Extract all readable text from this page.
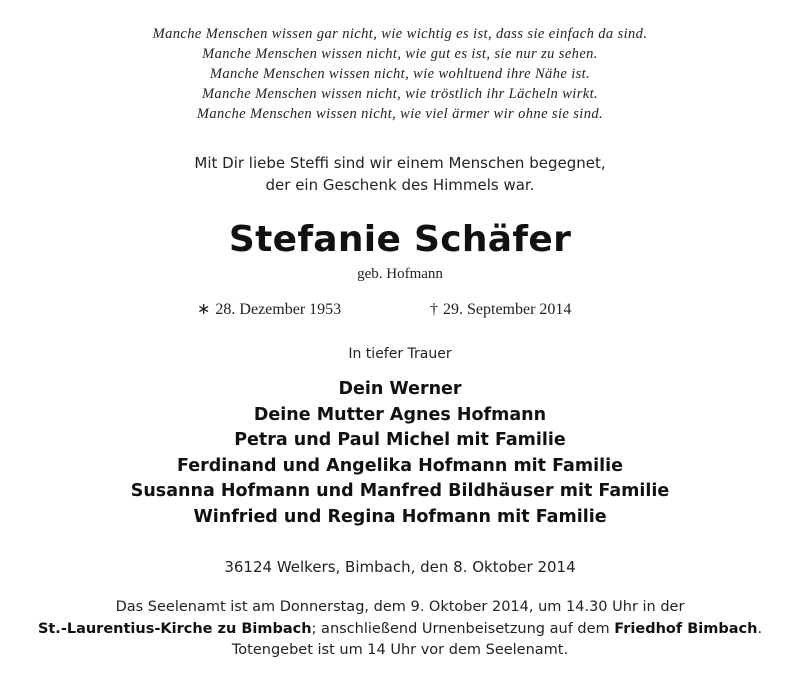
Manche Menschen wissen gar nicht, wie wichtig es ist, dass sie einfach da sind.
Manche Menschen wissen nicht, wie gut es ist, sie nur zu sehen.
Manche Menschen wissen nicht, wie wohltuend ihre Nähe ist.
Manche Menschen wissen nicht, wie tröstlich ihr Lächeln wirkt.
Manche Menschen wissen nicht, wie viel ärmer wir ohne sie sind.
Mit Dir liebe Steffi sind wir einem Menschen begegnet,
der ein Geschenk des Himmels war.
Stefanie Schäfer
geb. Hofmann
∗ 28. Dezember 1953	† 29. September 2014
In tiefer Trauer
Dein Werner
Deine Mutter Agnes Hofmann
Petra und Paul Michel mit Familie
Ferdinand und Angelika Hofmann mit Familie
Susanna Hofmann und Manfred Bildhäuser mit Familie
Winfried und Regina Hofmann mit Familie
36124 Welkers, Bimbach, den 8. Oktober 2014
Das Seelenamt ist am Donnerstag, dem 9. Oktober 2014, um 14.30 Uhr in der
St.-Laurentius-Kirche zu Bimbach; anschließend Urnenbeisetzung auf dem Friedhof Bimbach.
Totengebet ist um 14 Uhr vor dem Seelenamt.
